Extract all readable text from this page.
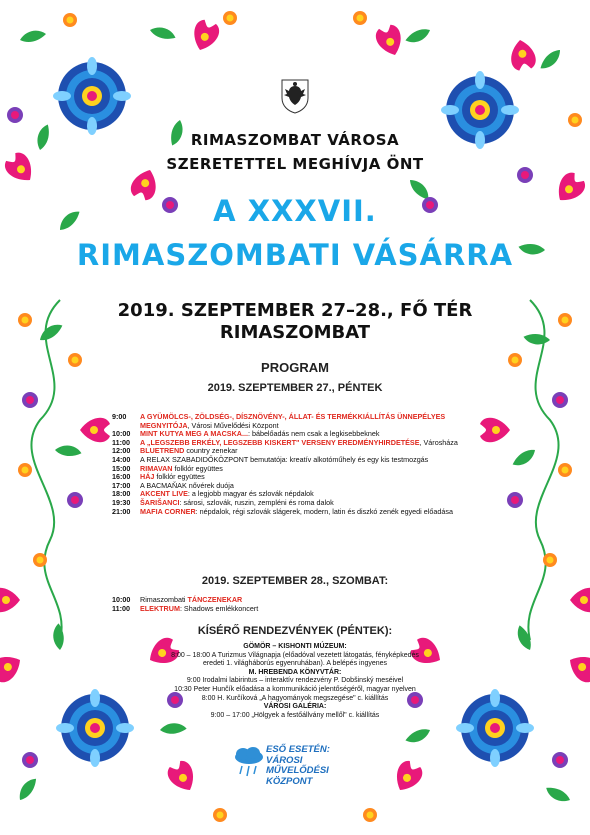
RIMASZOMBAT VÁROSA
SZERETETTEL MEGHÍVJA ÖNT
A XXXVII.
RIMASZOMBATI VÁSÁRRA
2019. SZEPTEMBER 27–28., FŐ TÉR
RIMASZOMBAT
PROGRAM
2019. SZEPTEMBER 27., PÉNTEK
9:00	A GYÜMÖLCS-, ZÖLDSÉG-, DÍSZNÖVÉNY-, ÁLLAT- ÉS TERMÉKKIÁLLÍTÁS ÜNNEPÉLYES MEGNYITÓJA, Városi Művelődési Központ
10:00	MINT KUTYA MEG A MACSKA...: bábelőadás nem csak a legkisebbeknek
11:00	A „LEGSZEBB ERKÉLY, LEGSZEBB KISKERT" VERSENY EREDMÉNYHIRDETÉSE, Városháza
12:00	BLUETREND country zenekar
14:00	A RELAX SZABADIDŐKÖZPONT bemutatója: kreatív alkotóműhely és egy kis testmozgás
15:00	RIMAVAN folklór együttes
16:00	HÁJ folklór együttes
17:00	A BACMAŇAK nővérek duója
18:00	AKCENT LIVE: a legjobb magyar és szlovák népdalok
19:30	ŠARIŠANCI: sárosi, szlovák, ruszin, zempléni és roma dalok
21:00	MAFIA CORNER: népdalok, régi szlovák slágerek, modern, latin és diszkó zenék egyedi előadása
2019. SZEPTEMBER 28., SZOMBAT:
10:00	Rimaszombati TÁNCZENEKAR
11:00	ELEKTRUM: Shadows emlékkoncert
KÍSÉRŐ RENDEZVÉNYEK (PÉNTEK):
GÖMÖR – KISHONTI MÚZEUM:
8:00 – 18:00 A Turizmus Világnapja (előadóval vezetett látogatás, fényképkedés
eredeti 1. világháborús egyenruhában). A belépés ingyenes
M. HREBENDA KÖNYVTÁR:
9:00 Irodalmi labirintus – interaktív rendezvény P. Dobšinský meséivel
10:30 Peter Hunčík előadása a kommunikáció jelentőségéről, magyar nyelven
8:00 H. Kurčíková „A hagyományok megszegése" c. kiállítás
VÁROSI GALÉRIA:
9:00 – 17:00 „Hölgyek a festőállvány mellől" c. kiállítás
ESŐ ESETÉN:
VÁROSI
MŰVELŐDÉSI
KÖZPONT
